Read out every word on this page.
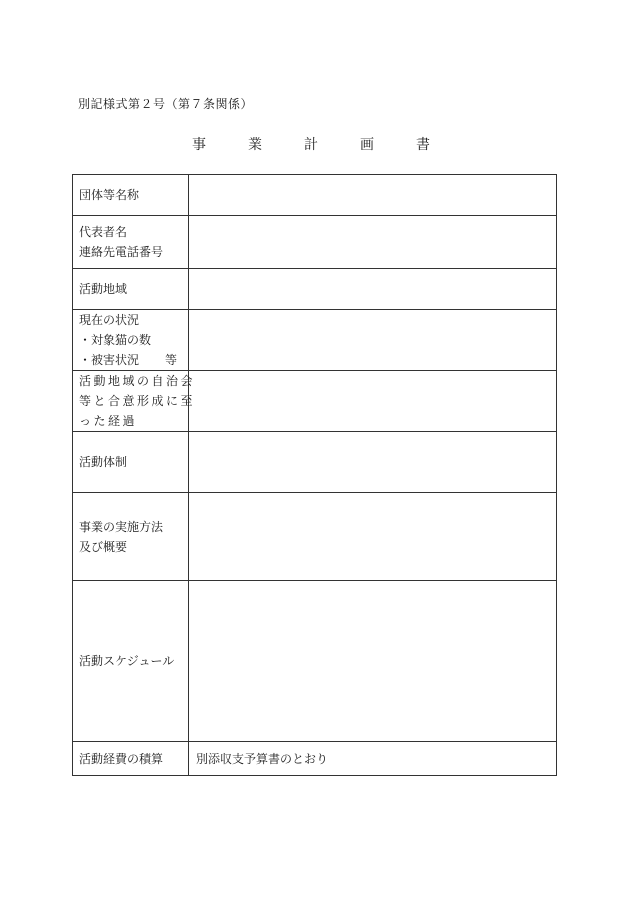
別記様式第２号（第７条関係）
事　業　計　画　書
団体等名称	

代表者名
連絡先電話番号	

活動地域	

現在の状況
・対象猫の数
・被害状況 等	

活動地域の自治会
等と合意形成に至
った経過	

活動体制	

事業の実施方法
及び概要	

活動スケジュール	

活動経費の積算	別添収支予算書のとおり
